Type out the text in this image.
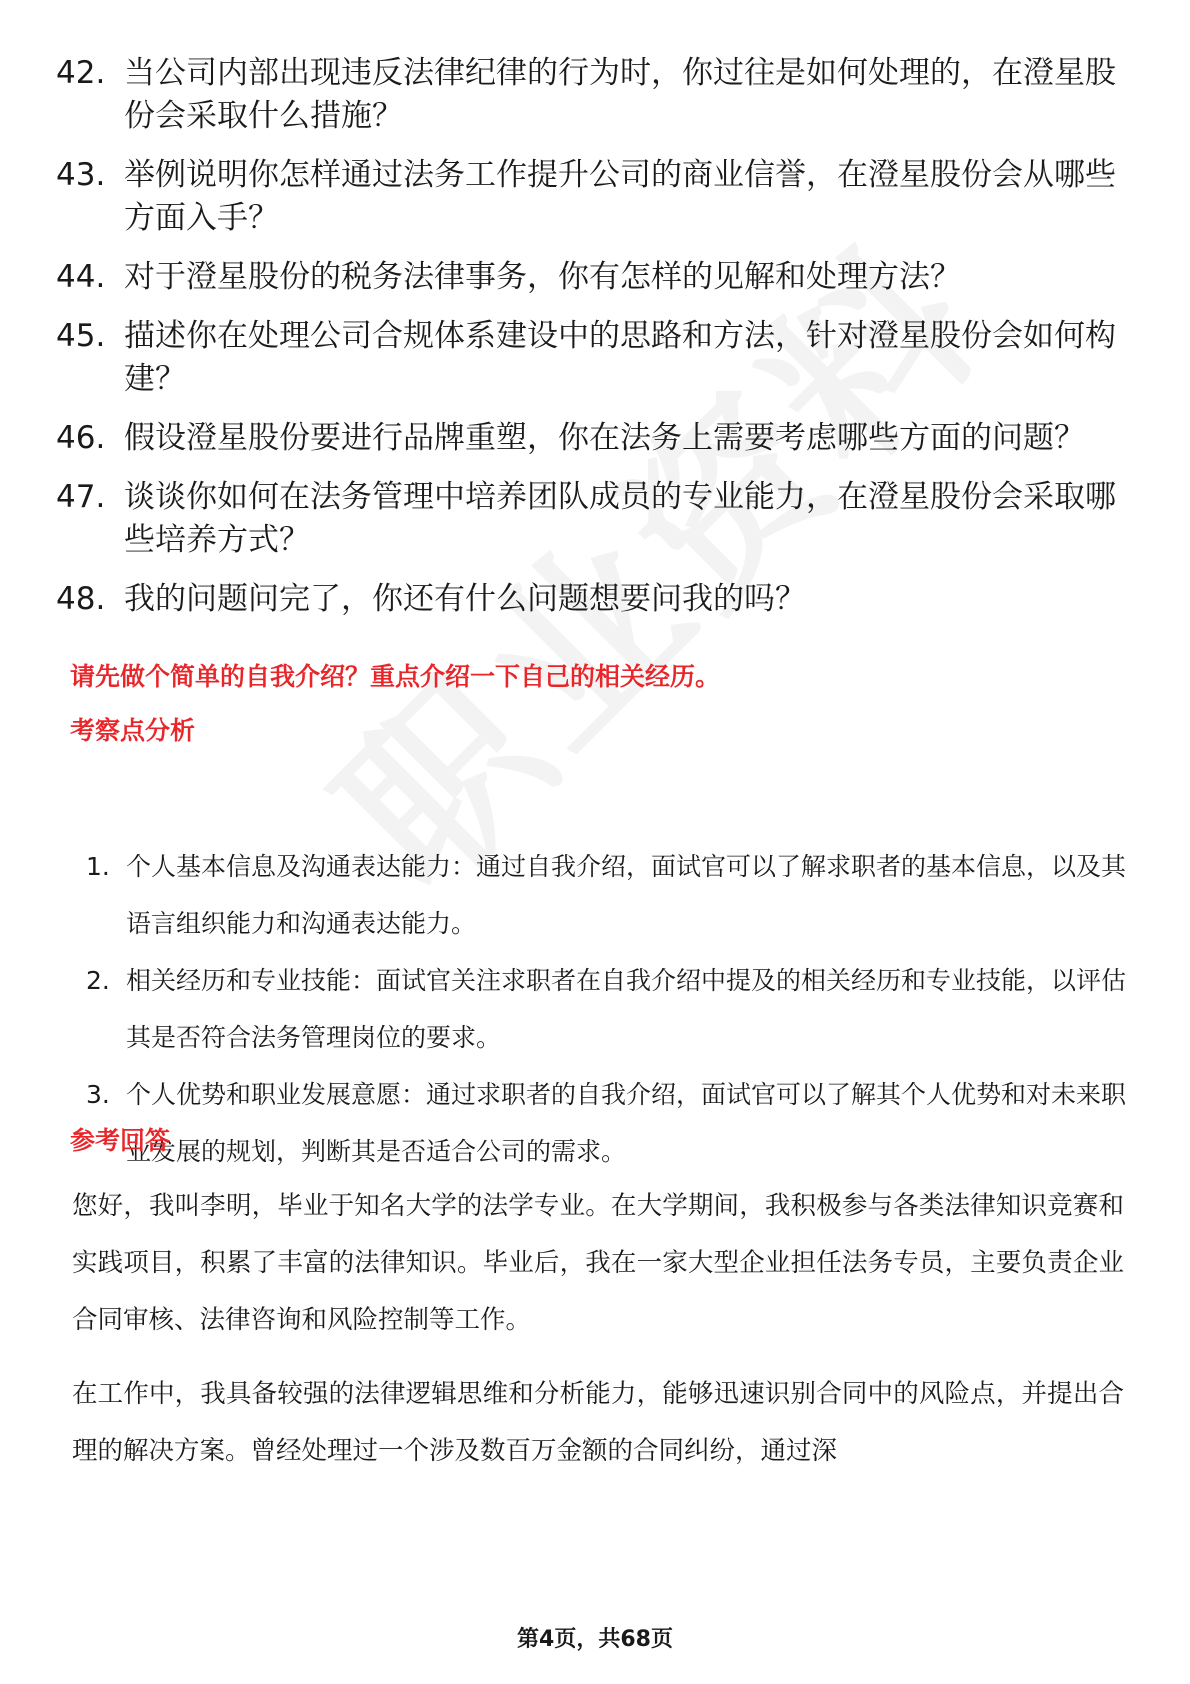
42. 当公司内部出现违反法律纪律的行为时，你过往是如何处理的，在澄星股份会采取什么措施？
43. 举例说明你怎样通过法务工作提升公司的商业信誉，在澄星股份会从哪些方面入手？
44. 对于澄星股份的税务法律事务，你有怎样的见解和处理方法？
45. 描述你在处理公司合规体系建设中的思路和方法，针对澄星股份会如何构建？
46. 假设澄星股份要进行品牌重塑，你在法务上需要考虑哪些方面的问题？
47. 谈谈你如何在法务管理中培养团队成员的专业能力，在澄星股份会采取哪些培养方式？
48. 我的问题问完了，你还有什么问题想要问我的吗？
请先做个简单的自我介绍？重点介绍一下自己的相关经历。
考察点分析
1. 个人基本信息及沟通表达能力：通过自我介绍，面试官可以了解求职者的基本信息，以及其语言组织能力和沟通表达能力。
2. 相关经历和专业技能：面试官关注求职者在自我介绍中提及的相关经历和专业技能，以评估其是否符合法务管理岗位的要求。
3. 个人优势和职业发展意愿：通过求职者的自我介绍，面试官可以了解其个人优势和对未来职业发展的规划，判断其是否适合公司的需求。
参考回答
您好，我叫李明，毕业于知名大学的法学专业。在大学期间，我积极参与各类法律知识竞赛和实践项目，积累了丰富的法律知识。毕业后，我在一家大型企业担任法务专员，主要负责企业合同审核、法律咨询和风险控制等工作。
在工作中，我具备较强的法律逻辑思维和分析能力，能够迅速识别合同中的风险点，并提出合理的解决方案。曾经处理过一个涉及数百万金额的合同纠纷，通过深
第4页，共68页
